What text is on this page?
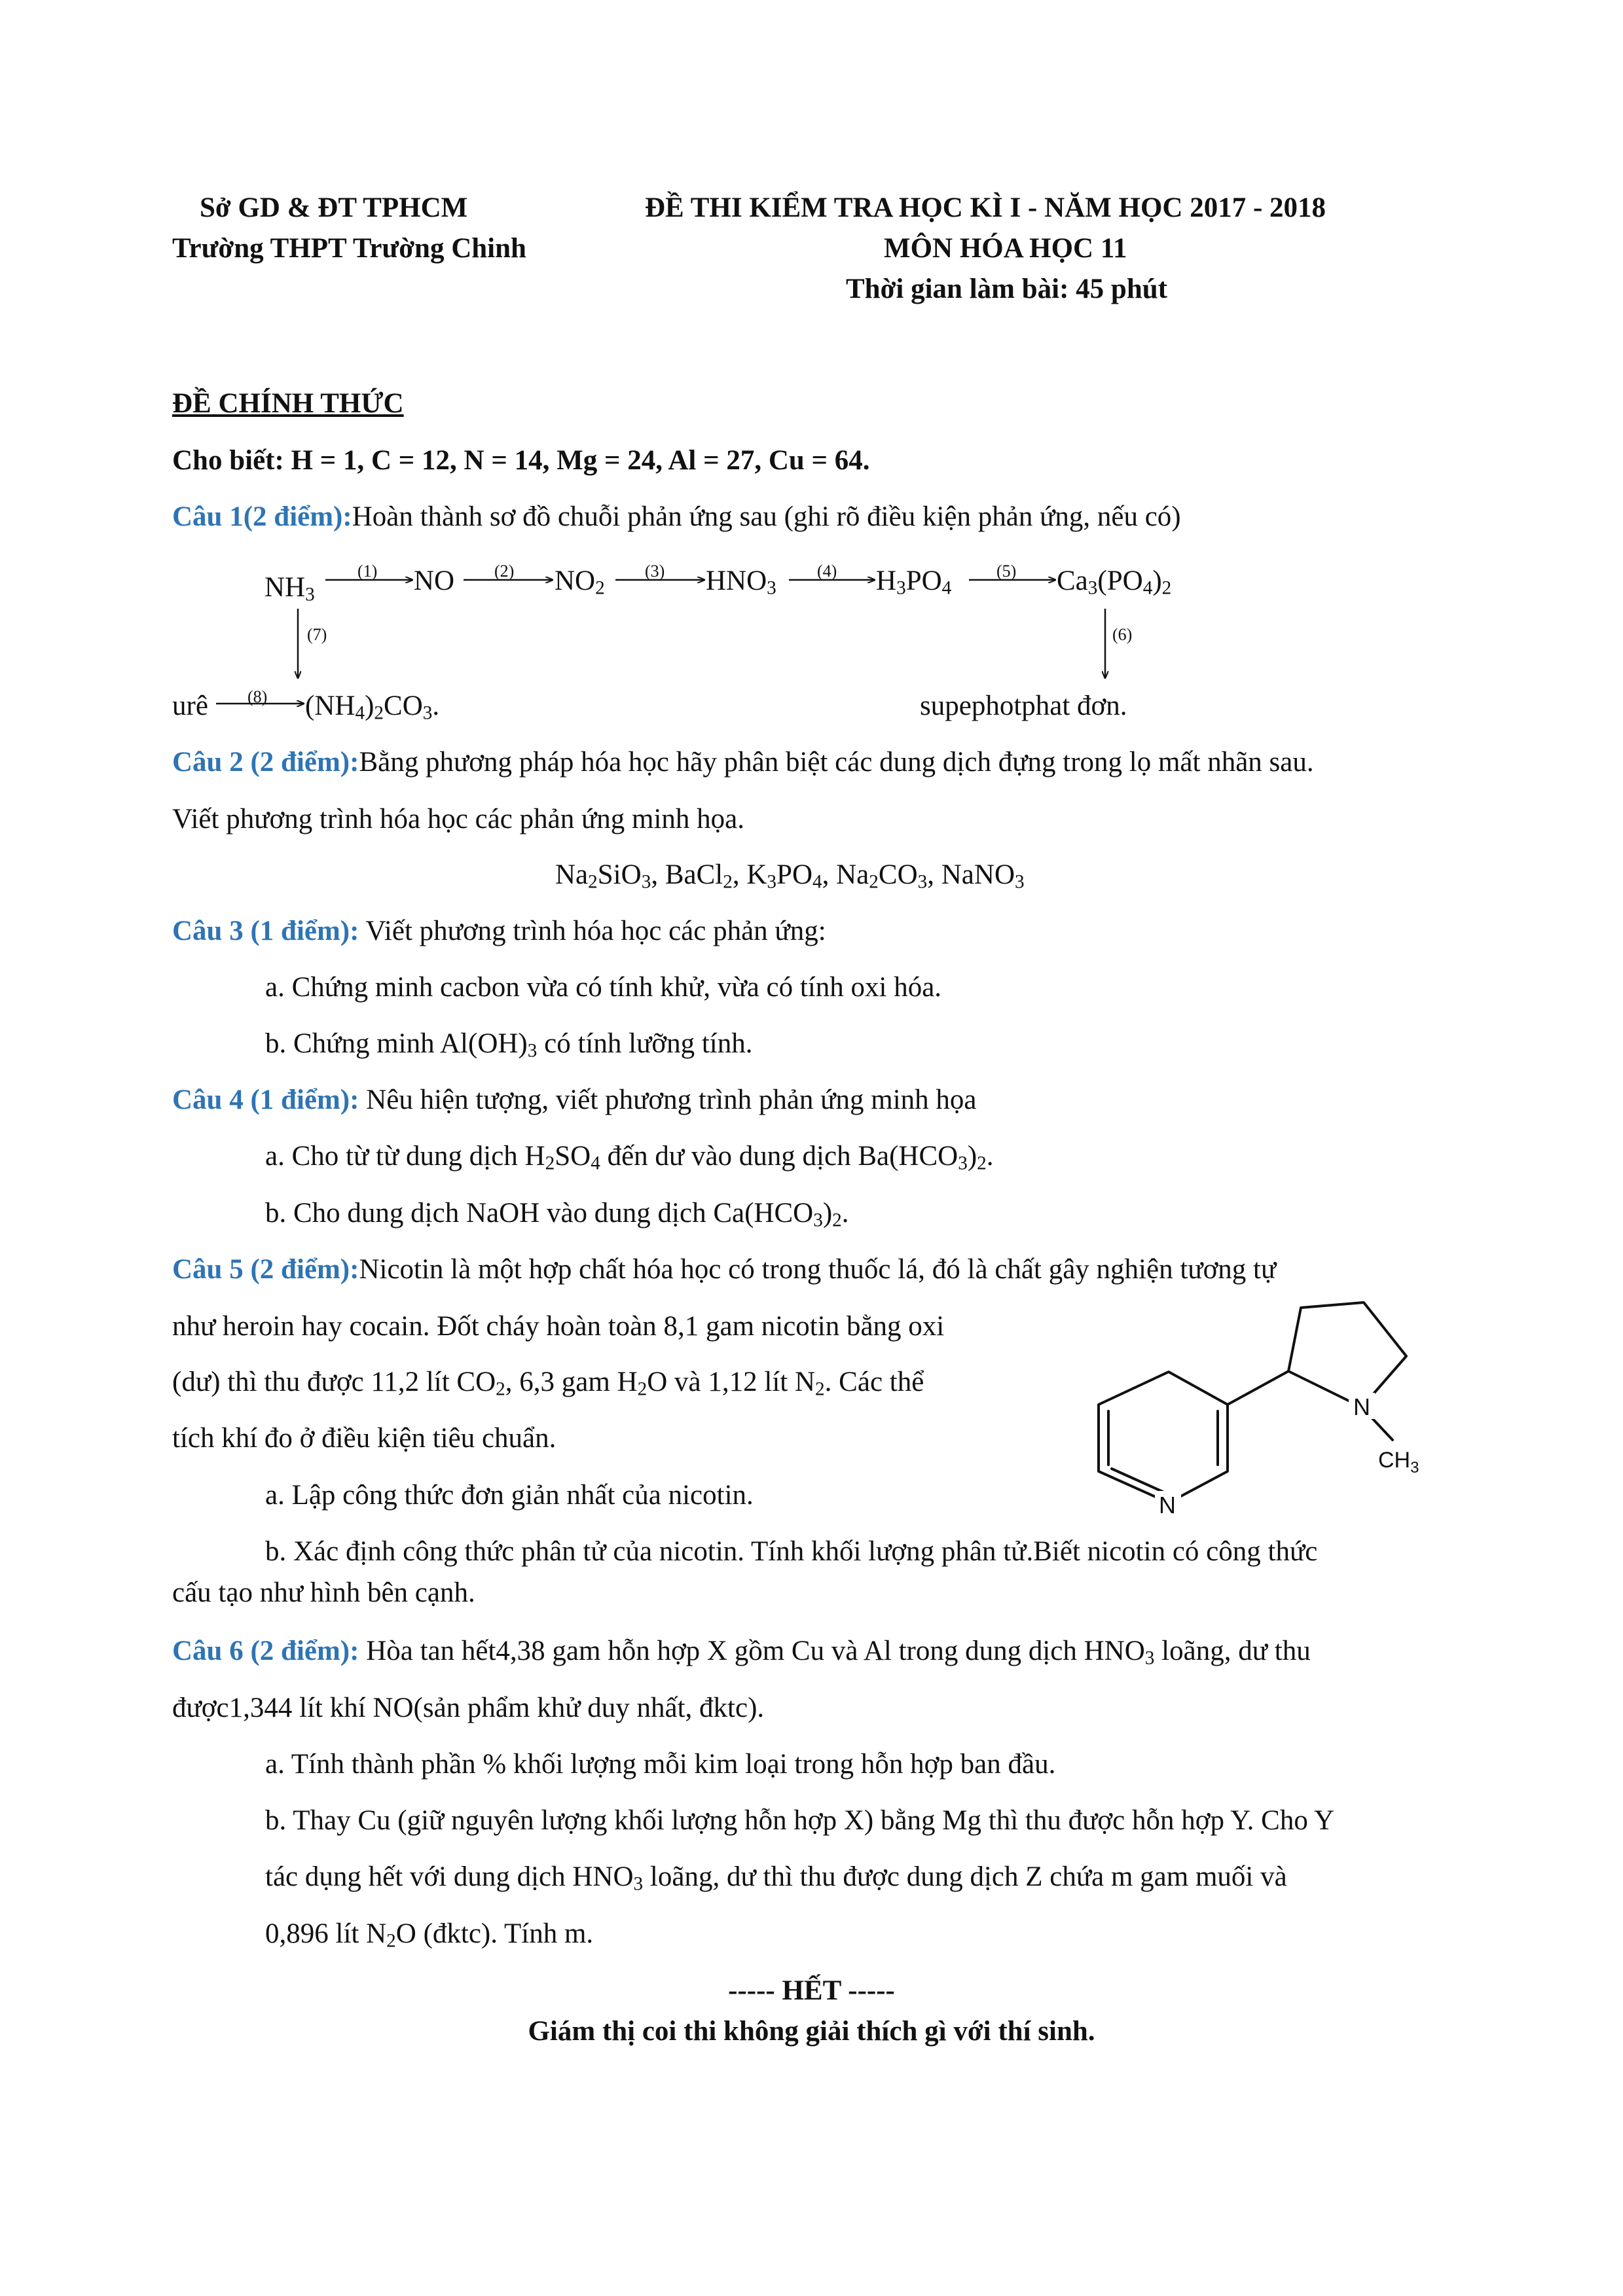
Sở GD & ĐT TPHCM
Trường THPT Trường Chinh
ĐỀ THI KIỂM TRA HỌC KÌ I - NĂM HỌC 2017 - 2018
MÔN HÓA HỌC 11
Thời gian làm bài: 45 phút
ĐỀ CHÍNH THỨC
Cho biết: H = 1, C = 12, N = 14, Mg = 24, Al = 27, Cu = 64.
Câu 1(2 điểm):Hoàn thành sơ đồ chuỗi phản ứng sau (ghi rõ điều kiện phản ứng, nếu có)
$NH_3$	NO	$NO_2$	$HNO_3$	$H_3PO_4$	$Ca_3(PO_4)_2$
urê	$(NH_4)_2CO_3$.	supephotphat đơn.
(1)	(2)	(3)	(4)	(5)
(6)
(7)
(8)
Câu 2 (2 điểm):Bằng phương pháp hóa học hãy phân biệt các dung dịch đựng trong lọ mất nhãn sau.
Viết phương trình hóa học các phản ứng minh họa.
$Na_2SiO_3$, BaCl$_2$, $K_3PO_4$, $Na_2CO_3$, NaNO$_3$
Câu 3 (1 điểm): Viết phương trình hóa học các phản ứng:
a. Chứng minh cacbon vừa có tính khử, vừa có tính oxi hóa.
b. Chứng minh $Al(OH)_3$ có tính lưỡng tính.
Câu 4 (1 điểm): Nêu hiện tượng, viết phương trình phản ứng minh họa
a. Cho từ từ dung dịch $H_2SO_4$ đến dư vào dung dịch $Ba(HCO_3)_2$.
b. Cho dung dịch NaOH vào dung dịch $Ca(HCO_3)_2$.
Câu 5 (2 điểm):Nicotin là một hợp chất hóa học có trong thuốc lá, đó là chất gây nghiện tương tự
như heroin hay cocain. Đốt cháy hoàn toàn 8,1 gam nicotin bằng oxi
(dư) thì thu được 11,2 lít $CO_2$, 6,3 gam $H_2O$ và 1,12 lít $N_2$. Các thể
tích khí đo ở điều kiện tiêu chuẩn.
a. Lập công thức đơn giản nhất của nicotin.
b. Xác định công thức phân tử của nicotin. Tính khối lượng phân tử.Biết nicotin có công thức
cấu tạo như hình bên cạnh.
N
N
$CH_3$
Câu 6 (2 điểm): Hòa tan hết4,38 gam hỗn hợp X gồm Cu và Al trong dung dịch $HNO_3$ loãng, dư thu
được1,344 lít khí NO(sản phẩm khử duy nhất, đktc).
a. Tính thành phần % khối lượng mỗi kim loại trong hỗn hợp ban đầu.
b. Thay Cu (giữ nguyên lượng khối lượng hỗn hợp X) bằng Mg thì thu được hỗn hợp Y. Cho Y
tác dụng hết với dung dịch $HNO_3$ loãng, dư thì thu được dung dịch Z chứa m gam muối và
0,896 lít $N_2O$ (đktc). Tính m.
----- HẾT -----
Giám thị coi thi không giải thích gì với thí sinh.
